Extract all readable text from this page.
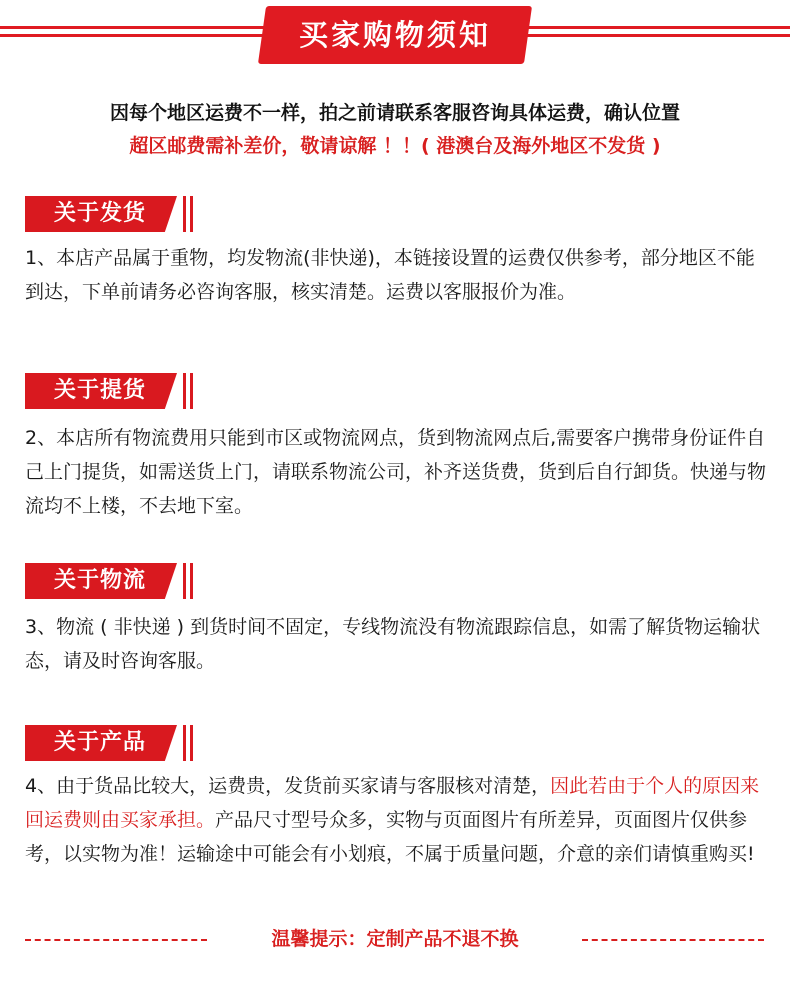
买家购物须知
因每个地区运费不一样，拍之前请联系客服咨询具体运费，确认位置
超区邮费需补差价，敬请谅解 ！！( 港澳台及海外地区不发货 )
关于发货
1、本店产品属于重物，均发物流(非快递)，本链接设置的运费仅供参考，部分地区不能到达，下单前请务必咨询客服，核实清楚。运费以客服报价为准。
关于提货
2、本店所有物流费用只能到市区或物流网点，货到物流网点后,需要客户携带身份证件自己上门提货，如需送货上门，请联系物流公司，补齐送货费，货到后自行卸货。快递与物流均不上楼，不去地下室。
关于物流
3、物流 ( 非快递 ) 到货时间不固定，专线物流没有物流跟踪信息，如需了解货物运输状态，请及时咨询客服。
关于产品
4、由于货品比较大，运费贵，发货前买家请与客服核对清楚，因此若由于个人的原因来回运费则由买家承担。产品尺寸型号众多，实物与页面图片有所差异，页面图片仅供参考，以实物为准！运输途中可能会有小划痕，不属于质量问题，介意的亲们请慎重购买!
温馨提示：定制产品不退不换
